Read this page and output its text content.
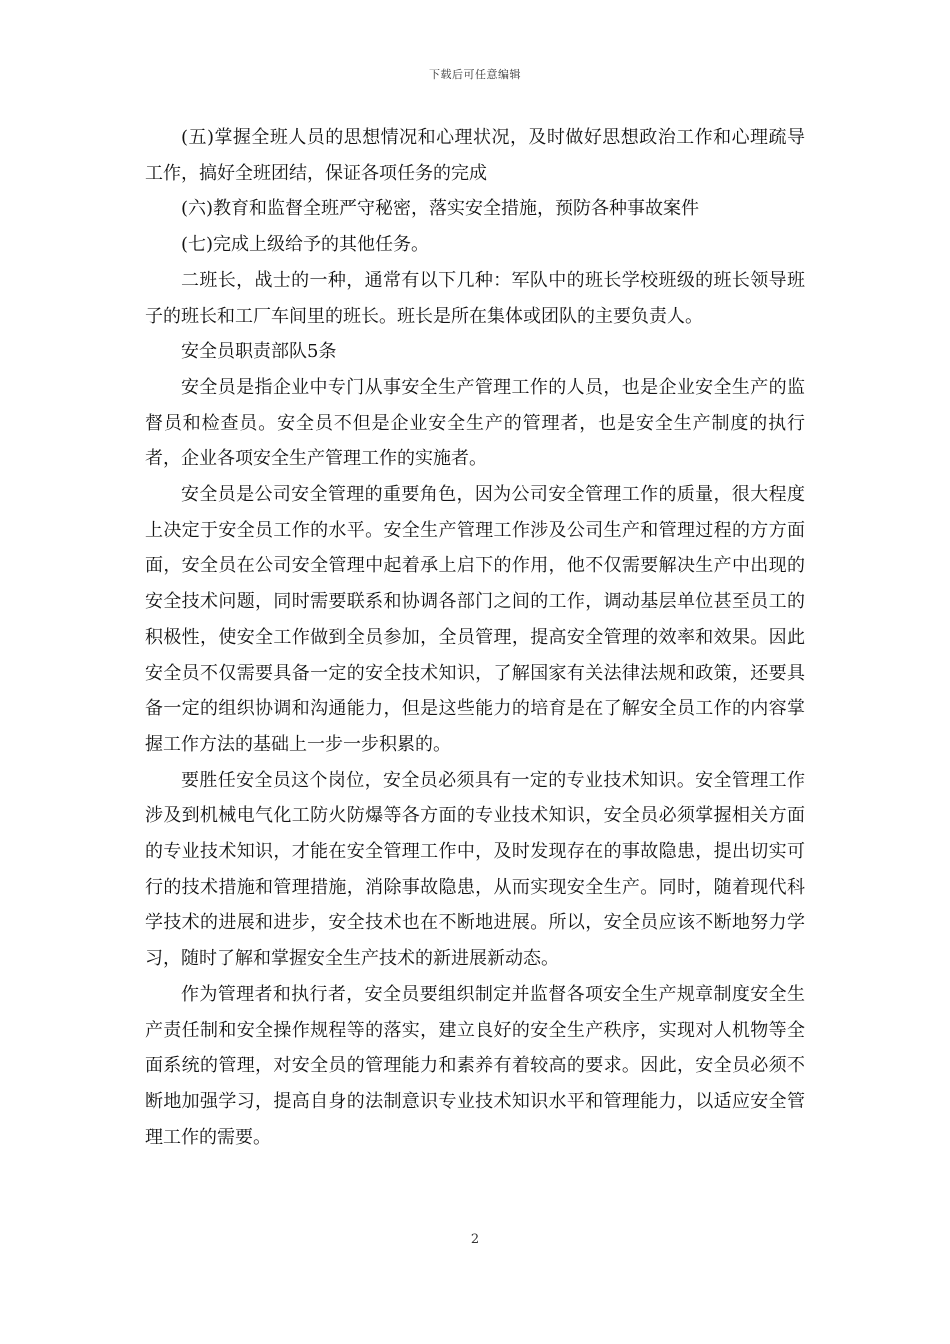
下载后可任意编辑

(五)掌握全班人员的思想情况和心理状况，及时做好思想政治工作和心理疏导工作，搞好全班团结，保证各项任务的完成

(六)教育和监督全班严守秘密，落实安全措施，预防各种事故案件

(七)完成上级给予的其他任务。

二班长，战士的一种，通常有以下几种：军队中的班长学校班级的班长领导班子的班长和工厂车间里的班长。班长是所在集体或团队的主要负责人。

安全员职责部队5条

安全员是指企业中专门从事安全生产管理工作的人员，也是企业安全生产的监督员和检查员。安全员不但是企业安全生产的管理者，也是安全生产制度的执行者，企业各项安全生产管理工作的实施者。

安全员是公司安全管理的重要角色，因为公司安全管理工作的质量，很大程度上决定于安全员工作的水平。安全生产管理工作涉及公司生产和管理过程的方方面面，安全员在公司安全管理中起着承上启下的作用，他不仅需要解决生产中出现的安全技术问题，同时需要联系和协调各部门之间的工作，调动基层单位甚至员工的积极性，使安全工作做到全员参加，全员管理，提高安全管理的效率和效果。因此安全员不仅需要具备一定的安全技术知识，了解国家有关法律法规和政策，还要具备一定的组织协调和沟通能力，但是这些能力的培育是在了解安全员工作的内容掌握工作方法的基础上一步一步积累的。

要胜任安全员这个岗位，安全员必须具有一定的专业技术知识。安全管理工作涉及到机械电气化工防火防爆等各方面的专业技术知识，安全员必须掌握相关方面的专业技术知识，才能在安全管理工作中，及时发现存在的事故隐患，提出切实可行的技术措施和管理措施，消除事故隐患，从而实现安全生产。同时，随着现代科学技术的进展和进步，安全技术也在不断地进展。所以，安全员应该不断地努力学习，随时了解和掌握安全生产技术的新进展新动态。

作为管理者和执行者，安全员要组织制定并监督各项安全生产规章制度安全生产责任制和安全操作规程等的落实，建立良好的安全生产秩序，实现对人机物等全面系统的管理，对安全员的管理能力和素养有着较高的要求。因此，安全员必须不断地加强学习，提高自身的法制意识专业技术知识水平和管理能力，以适应安全管理工作的需要。

2
